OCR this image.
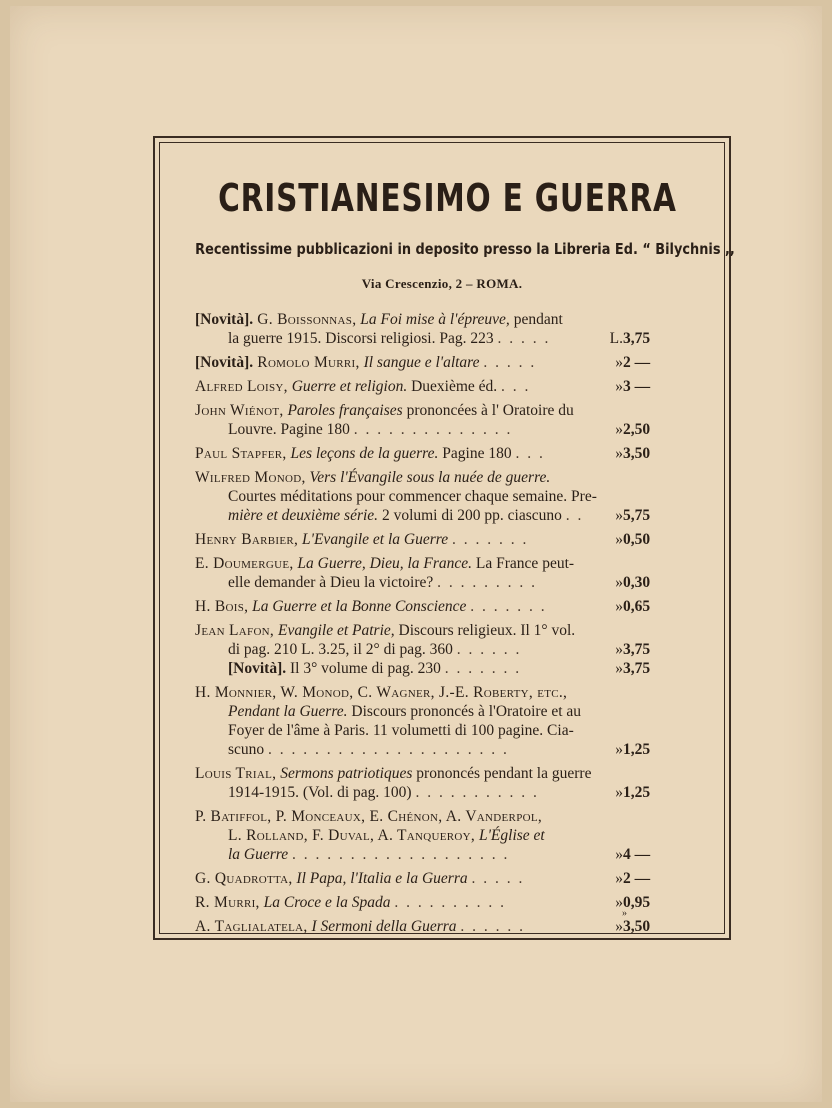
CRISTIANESIMO E GUERRA
Recentissime pubblicazioni in deposito presso la Libreria Ed. “ Bilychnis ,,
Via Crescenzio, 2 – ROMA.
[Novità]. G. Boissonnas, La Foi mise à l'épreuve, pendant
la guerre 1915. Discorsi religiosi. Pag. 223 . . . . .	L. 3,75
[Novità]. Romolo Murri, Il sangue e l'altare . . . . .	» 2 —
Alfred Loisy, Guerre et religion. Duexième éd. . . .	» 3 —
John Wiénot, Paroles françaises prononcées à l' Oratoire du
Louvre. Pagine 180 . . . . . . . . . . . . . .	» 2,50
Paul Stapfer, Les leçons de la guerre. Pagine 180 . . .	» 3,50
Wilfred Monod, Vers l'Évangile sous la nuée de guerre.
Courtes méditations pour commencer chaque semaine. Pre-
mière et deuxième série. 2 volumi di 200 pp. ciascuno . . » 5,75
Henry Barbier, L'Evangile et la Guerre . . . . . . .	» 0,50
E. Doumergue, La Guerre, Dieu, la France. La France peut-
elle demander à Dieu la victoire? . . . . . . . . .	» 0,30
H. Bois, La Guerre et la Bonne Conscience . . . . . . .	» 0,65
Jean Lafon, Evangile et Patrie, Discours religieux. Il 1° vol.
di pag. 210 L. 3.25, il 2° di pag. 360 . . . . . .	» 3,75
[Novità]. Il 3° volume di pag. 230 . . . . . . .	» 3,75
H. Monnier, W. Monod, C. Wagner, J.-E. Roberty, etc.,
Pendant la Guerre. Discours prononcés à l'Oratoire et au
Foyer de l'âme à Paris. 11 volumetti di 100 pagine. Cia-
scuno . . . . . . . . . . . . . . . . . . . . .	» 1,25
Louis Trial, Sermons patriotiques prononcés pendant la guerre
1914-1915. (Vol. di pag. 100) . . . . . . . . . . .	» 1,25
P. Batiffol, P. Monceaux, E. Chénon, A. Vanderpol,
L. Rolland, F. Duval, A. Tanqueroy, L'Église et
la Guerre . . . . . . . . . . . . . . . . . . .	» 4 —
G. Quadrotta, Il Papa, l'Italia e la Guerra . . . . .	» 2 —
R. Murri, La Croce e la Spada . . . . . . . . . .	» 0,95
A. Taglialatela, I Sermoni della Guerra . . . . . .	» 3,50
»
